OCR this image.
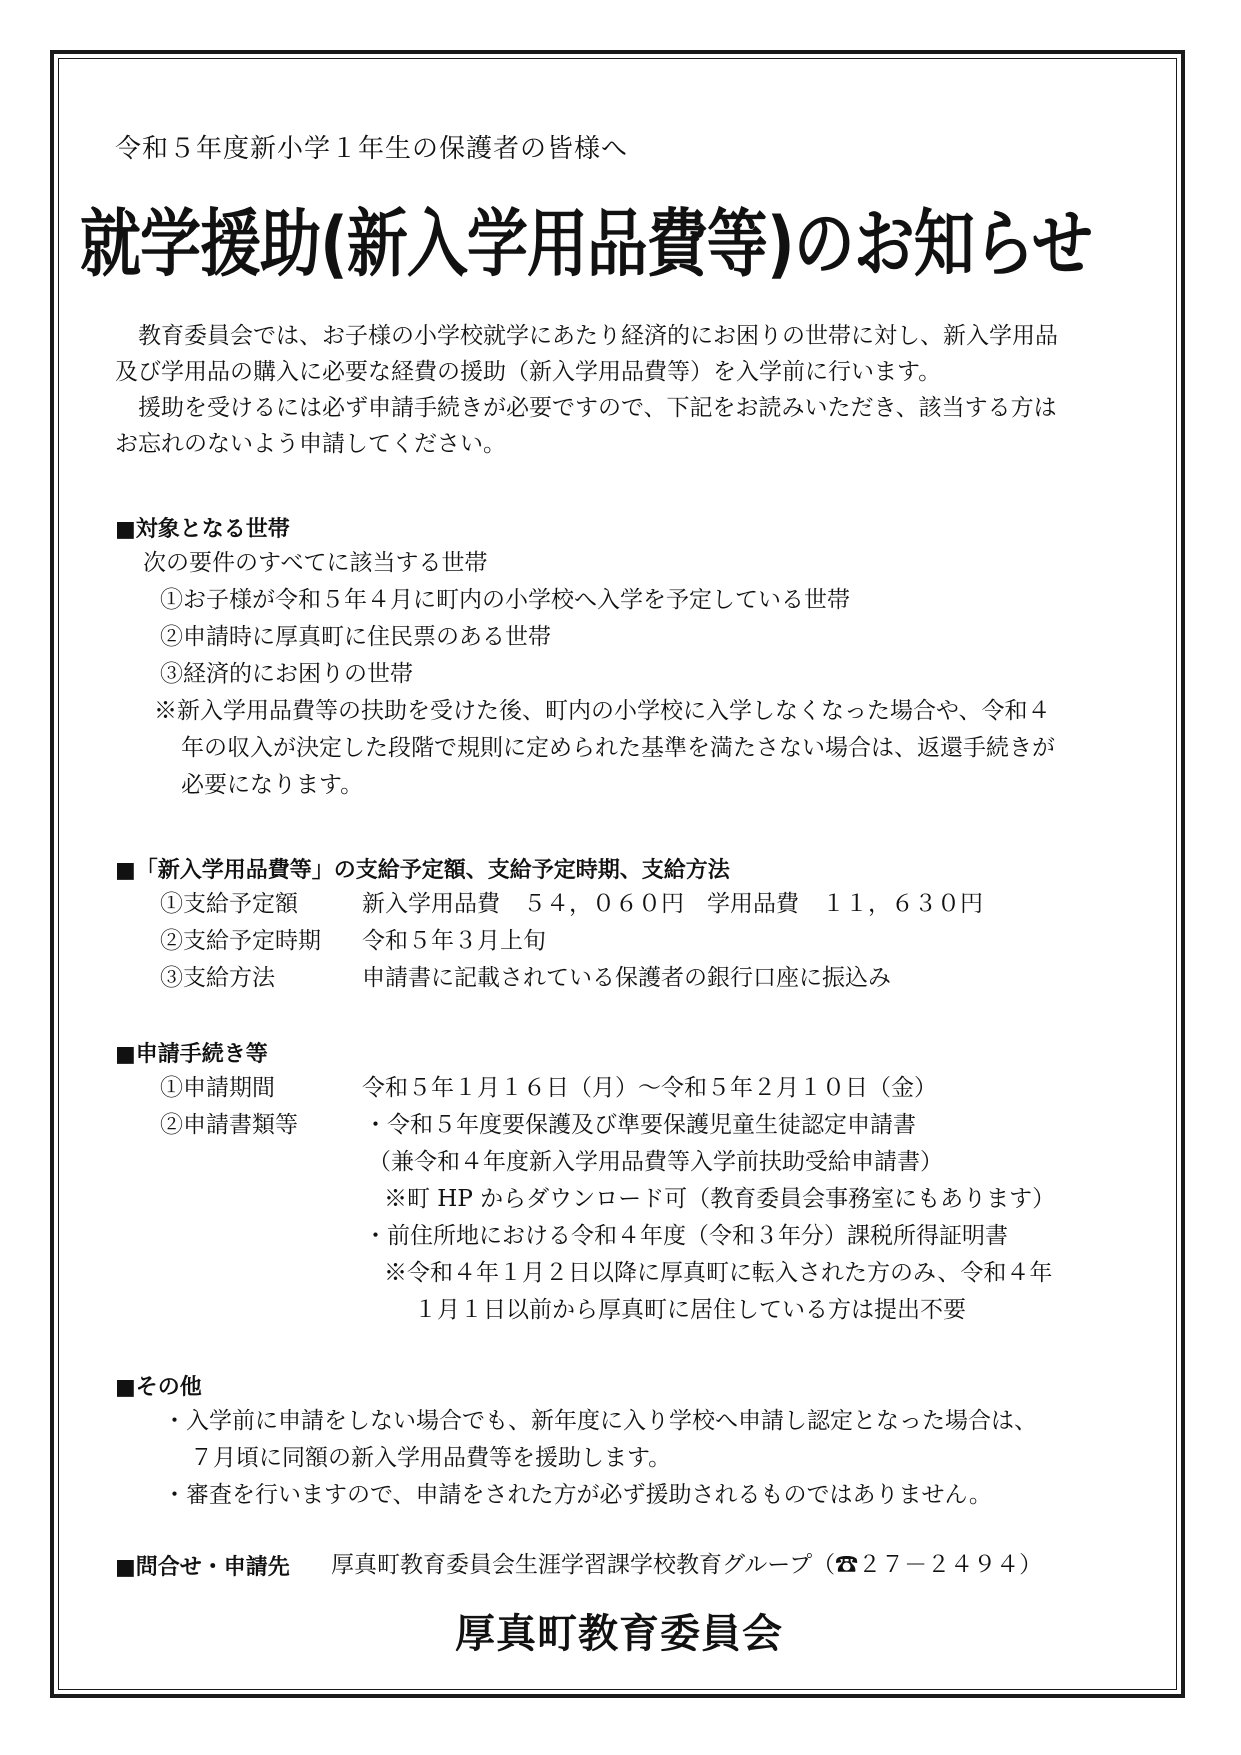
令和５年度新小学１年生の保護者の皆様へ
就学援助(新入学用品費等)のお知らせ
　教育委員会では、お子様の小学校就学にあたり経済的にお困りの世帯に対し、新入学用品
及び学用品の購入に必要な経費の援助（新入学用品費等）を入学前に行います。
　援助を受けるには必ず申請手続きが必要ですので、下記をお読みいただき、該当する方は
お忘れのないよう申請してください。
■対象となる世帯
次の要件のすべてに該当する世帯
①お子様が令和５年４月に町内の小学校へ入学を予定している世帯
②申請時に厚真町に住民票のある世帯
③経済的にお困りの世帯
※新入学用品費等の扶助を受けた後、町内の小学校に入学しなくなった場合や、令和４
年の収入が決定した段階で規則に定められた基準を満たさない場合は、返還手続きが
必要になります。
■「新入学用品費等」の支給予定額、支給予定時期、支給方法
①支給予定額	新入学用品費　５４，０６０円　学用品費　１１，６３０円
②支給予定時期 令和５年３月上旬
③支給方法	申請書に記載されている保護者の銀行口座に振込み
■申請手続き等
①申請期間	令和５年１月１６日（月）～令和５年２月１０日（金）
②申請書類等	・令和５年度要保護及び準要保護児童生徒認定申請書
（兼令和４年度新入学用品費等入学前扶助受給申請書）
※町 HP からダウンロード可（教育委員会事務室にもあります）
・前住所地における令和４年度（令和３年分）課税所得証明書
※令和４年１月２日以降に厚真町に転入された方のみ、令和４年
１月１日以前から厚真町に居住している方は提出不要
■その他
・入学前に申請をしない場合でも、新年度に入り学校へ申請し認定となった場合は、
７月頃に同額の新入学用品費等を援助します。
・審査を行いますので、申請をされた方が必ず援助されるものではありません。
■問合せ・申請先 厚真町教育委員会生涯学習課学校教育グループ（☎２７－２４９４）
厚真町教育委員会
